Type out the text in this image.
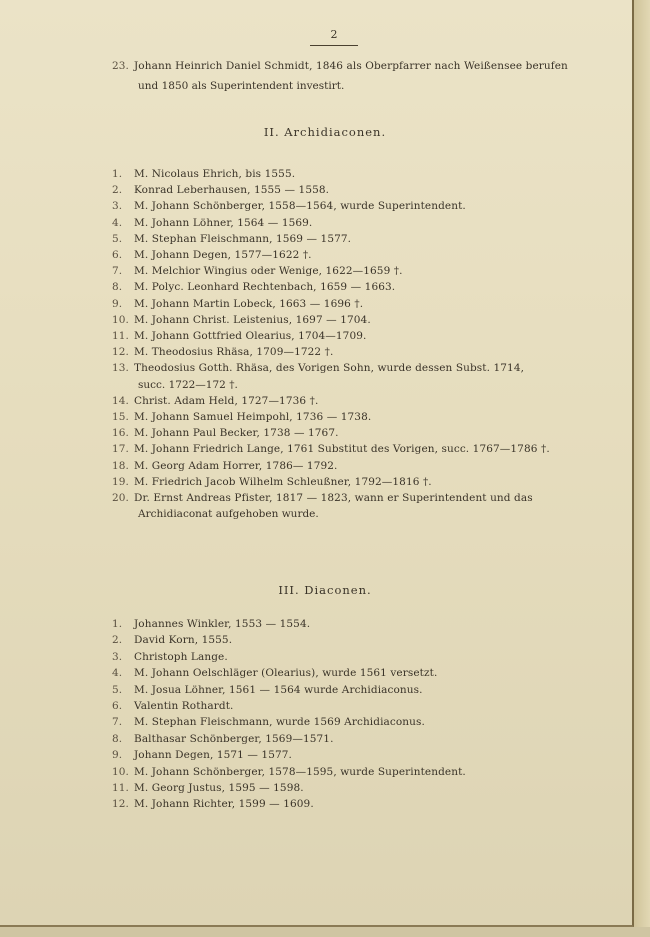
2
23. Johann Heinrich Daniel Schmidt, 1846 als Oberpfarrer nach Weißensee berufen
und 1850 als Superintendent investirt.
II. Archidiaconen.
1. M. Nicolaus Ehrich, bis 1555.
2. Konrad Leberhausen, 1555 — 1558.
3. M. Johann Schönberger, 1558—1564, wurde Superintendent.
4. M. Johann Löhner, 1564 — 1569.
5. M. Stephan Fleischmann, 1569 — 1577.
6. M. Johann Degen, 1577—1622 †.
7. M. Melchior Wingius oder Wenige, 1622—1659 †.
8. M. Polyc. Leonhard Rechtenbach, 1659 — 1663.
9. M. Johann Martin Lobeck, 1663 — 1696 †.
10. M. Johann Christ. Leistenius, 1697 — 1704.
11. M. Johann Gottfried Olearius, 1704—1709.
12. M. Theodosius Rhäsa, 1709—1722 †.
13. Theodosius Gotth. Rhäsa, des Vorigen Sohn, wurde dessen Subst. 1714,
succ. 1722—172 †.
14. Christ. Adam Held, 1727—1736 †.
15. M. Johann Samuel Heimpohl, 1736 — 1738.
16. M. Johann Paul Becker, 1738 — 1767.
17. M. Johann Friedrich Lange, 1761 Substitut des Vorigen, succ. 1767—1786 †.
18. M. Georg Adam Horrer, 1786— 1792.
19. M. Friedrich Jacob Wilhelm Schleußner, 1792—1816 †.
20. Dr. Ernst Andreas Pfister, 1817 — 1823, wann er Superintendent und das
Archidiaconat aufgehoben wurde.
III. Diaconen.
1. Johannes Winkler, 1553 — 1554.
2. David Korn, 1555.
3. Christoph Lange.
4. M. Johann Oelschläger (Olearius), wurde 1561 versetzt.
5. M. Josua Löhner, 1561 — 1564 wurde Archidiaconus.
6. Valentin Rothardt.
7. M. Stephan Fleischmann, wurde 1569 Archidiaconus.
8. Balthasar Schönberger, 1569—1571.
9. Johann Degen, 1571 — 1577.
10. M. Johann Schönberger, 1578—1595, wurde Superintendent.
11. M. Georg Justus, 1595 — 1598.
12. M. Johann Richter, 1599 — 1609.
